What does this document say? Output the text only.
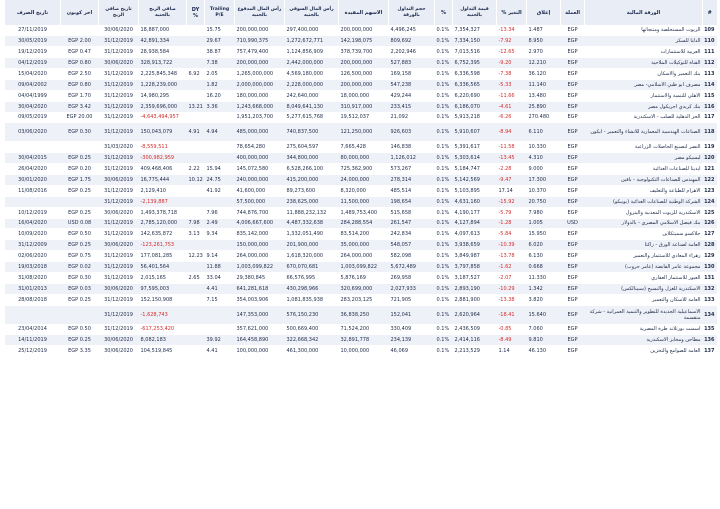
#	الورقة المالية	العملة	إغلاق	التغير %	قيمة التداول بالجنيه	%	حجم التداول بالورقة	الاسهم المقيدة	رأس المال السوقي بالجنيه	رأس المال المدفوع بالجنيه	Trailing P/E	DY %	صافي الربح بالجنيه	تاريخ صافي الربح	اخر كوبون	تاريخ الصرف
109	الزيوت المستخلصة ومنتجاتها	EGP	1.487	-13.34	7,354,327	0.1%	4,496,245	200,000,000	297,400,000	200,000,000	15.75		18,887,000	30/06/2020		27/11/2019
110	الدلتا للسكر	EGP	8.950	-7.92	7,334,150	0.1%	809,692	142,198,075	1,272,672,771	710,990,375	29.67		42,891,334	31/12/2019	EGP 2.00	30/05/2019
111	العربية للاستثمارات	EGP	2.970	-12.65	7,013,516	0.1%	2,202,946	378,739,700	1,124,856,909	757,479,400	38.87		28,938,584	31/12/2019	EGP 0.47	19/12/2019
112	القناة للتوكيلات الملاحية	EGP	12.210	-9.20	6,752,395	0.1%	527,883	200,000,000	2,442,000,000	200,000,000	7.38		328,913,722	30/06/2020	EGP 0.80	04/12/2019
113	بنك التعمير والاسكان	EGP	36.120	-7.38	6,336,598	0.1%	169,158	126,500,000	4,569,180,000	1,265,000,000	2.05	6.92	2,225,845,348	31/12/2019	EGP 2.50	15/04/2020
114	مصرف ابو ظبي الاسلامي- مصر	EGP	11.140	-5.33	6,336,565	0.1%	547,238	200,000,000	2,228,000,000	2,000,000,000	1.82		1,228,239,000	31/12/2019	EGP 0.80	09/04/2002
115	الاهلي للتنمية والاستثمار	EGP	13.480	-11.66	6,220,690	0.1%	429,244	18,000,000	242,640,000	180,000,000	16.20		14,980,295	31/12/2019	EGP 1.70	04/04/1999
116	بنك كريدي اجريكول مصر	EGP	25.890	-4.61	6,186,070	0.1%	233,415	310,917,000	8,049,641,130	1,243,668,000	3.36	13.21	2,359,696,000	31/12/2019	EGP 3.42	30/04/2020
117	الحز الدهلية للصلب - الاسكندرية	EGP	270.480	-6.26	5,913,218	0.1%	21,092	19,512,037	5,277,615,768	1,951,203,700			-4,643,494,957	31/12/2019	EGP 20.00	09/05/2019
118	الصناعات الهندسية المعمارية للانشاء والتعمير - ايكون	EGP	6.110	-8.94	5,910,607	0.1%	926,603	121,250,000	740,837,500	485,000,000	4.94	4.91	150,043,079	31/12/2019	EGP 0.30	03/06/2020
119	النصر لتصنيع الحاصلات الزراعية	EGP	10.330	-11.58	5,391,617	0.1%	146,838	7,665,428	275,604,597	78,654,280			-8,559,511	31/03/2020		
120	ليسيكو مصر	EGP	4.310	-13.45	5,303,614	0.1%	1,126,012	80,000,000	344,800,000	400,000,000			-300,982,959	31/12/2019	EGP 0.25	30/04/2015
121	ايديتا للصناعات الغذائية	EGP	9.000	-2.28	5,184,747	0.1%	573,267	725,362,900	6,528,266,100	145,072,580	15.94	2.22	409,468,406	31/12/2019	EGP 0.20	26/04/2020
122	المهندس للصناعات التكنولوجية - بافين	EGP	17.300	-9.47	5,142,569	0.1%	278,314	24,000,000	415,200,000	240,000,000	24.75	10.12	16,775,444	30/06/2019	EGP 1.75	30/01/2020
123	الاهرام للطباعة والتغليف	EGP	10.370	17.14	5,103,895	0.1%	485,514	8,320,000	89,273,600	41,600,000	41.92		2,129,410	31/12/2019	EGP 0.25	11/08/2016
124	الشركة الوطنية للصناعات الغذائية (بوبيكو)	EGP	20.750	-15.92	4,631,160	0.1%	198,654	11,500,000	238,625,000	57,500,000			-2,139,887	31/12/2019		
125	الاسكندرية للزيوت المعدنية والبترول	EGP	7.980	-5.79	4,190,177	0.1%	515,658	1,489,753,400	11,888,232,132	744,876,700	7.96		1,493,378,718	30/06/2020	EGP 0.25	10/12/2019
126	بنك فيصل الاسلامي المصري - بالدولار	USD	1.005	-1.28	4,127,894	0.1%	261,547	284,288,554	4,487,332,638	4,006,667,600	2.49	7.98	2,785,120,000	31/12/2019	USD 0.08	16/04/2020
127	جلاكسو سميثكلاين	EGP	15.950	-5.84	4,097,613	0.1%	242,834	83,514,200	1,332,051,490	835,142,000	9.34	3.13	142,635,872	31/12/2019	EGP 0.50	10/09/2020
128	العامة لصناعة الورق - راكتا	EGP	6.020	-10.39	3,938,659	0.1%	548,057	35,000,000	201,900,000	150,000,000			-123,261,753	30/06/2020	EGP 0.25	31/12/2009
129	زهراء المعادي للاستثمار والتعمير	EGP	6.130	-13.78	3,849,987	0.1%	582,098	264,000,000	1,618,320,000	264,000,000	9.14	12.23	177,081,285	31/12/2019	EGP 0.75	02/06/2020
130	مجموعة عامر القابضة (عامر جروب)	EGP	0.668	-1.62	3,797,858	0.1%	5,672,489	1,003,099,822	670,070,681	1,003,099,822	11.88		56,401,564	31/12/2019	EGP 0.02	19/03/2018
131	العبور للاستثمار العقاري	EGP	11.330	-2.07	3,187,527	0.1%	269,958	5,876,169	66,576,995	29,380,845	33.04	2.65	2,015,165	31/12/2019	EGP 0.30	31/08/2020
132	الاسكندرية للغزل والنسيج (سبينالكس)	EGP	1.342	-10.29	2,893,190	0.1%	2,027,933	320,699,000	430,298,966	641,281,618	4.41		97,595,003	30/06/2020	EGP 0.03	31/01/2013
133	العامة للاسكان والتعمير	EGP	3.820	-13.38	2,881,900	0.1%	721,905	283,203,125	1,081,835,938	354,003,906	7.15		152,150,908	31/12/2019	EGP 0.25	28/08/2018
134	الاسماعيلية الجديدة للتطوير والتنمية العمرانية - شركة منقسمة	EGP	15.640	-18.41	2,620,964	0.1%	152,041	36,838,250	576,150,230	147,353,000			-1,628,743	31/12/2019		
135	اسمنت بورتلاند طرة المصرية	EGP	7.060	-0.85	2,436,509	0.1%	330,409	71,524,200	500,669,400	357,621,000			-617,253,420	31/12/2019	EGP 0.50	23/04/2014
136	مطاحن ومخابز الاسكندرية	EGP	9.810	-8.49	2,414,116	0.1%	234,139	32,891,778	322,668,342	164,458,890	39.92		8,082,183	30/06/2020	EGP 0.25	14/11/2019
137	العامة للصوامع والتخزين	EGP	46.130	1.14	2,213,529	0.1%	46,069	10,000,000	461,300,000	100,000,000	4.41		104,519,845	30/06/2020	EGP 3.35	25/12/2019
